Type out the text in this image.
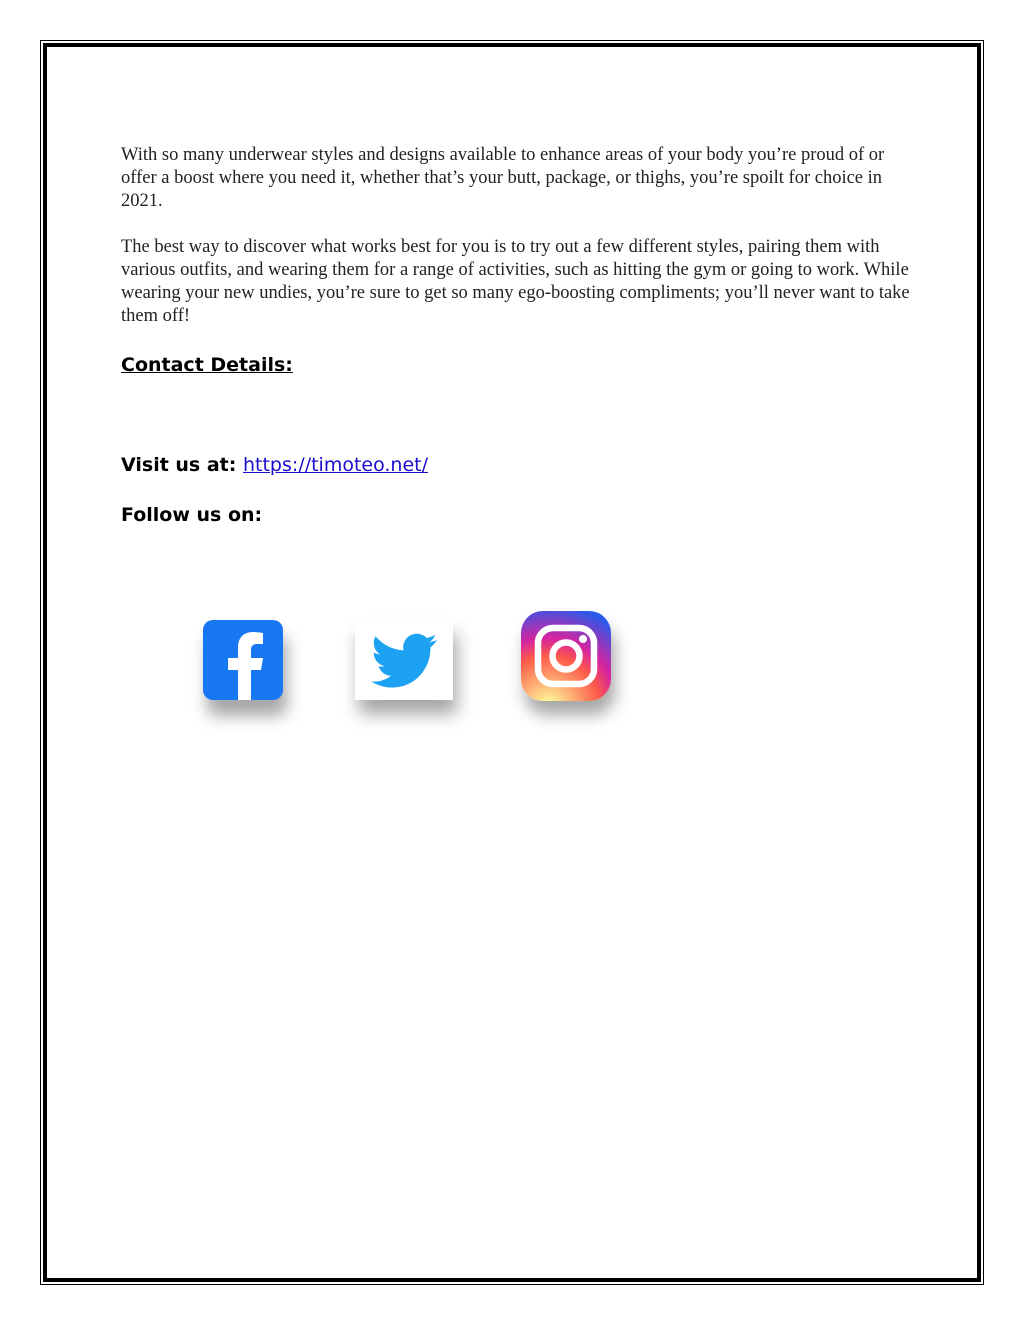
With so many underwear styles and designs available to enhance areas of your body you’re proud of or offer a boost where you need it, whether that’s your butt, package, or thighs, you’re spoilt for choice in 2021.

The best way to discover what works best for you is to try out a few different styles, pairing them with various outfits, and wearing them for a range of activities, such as hitting the gym or going to work. While wearing your new undies, you’re sure to get so many ego-boosting compliments; you’ll never want to take them off!

Contact Details:
Visit us at: https://timoteo.net/
Follow us on:
